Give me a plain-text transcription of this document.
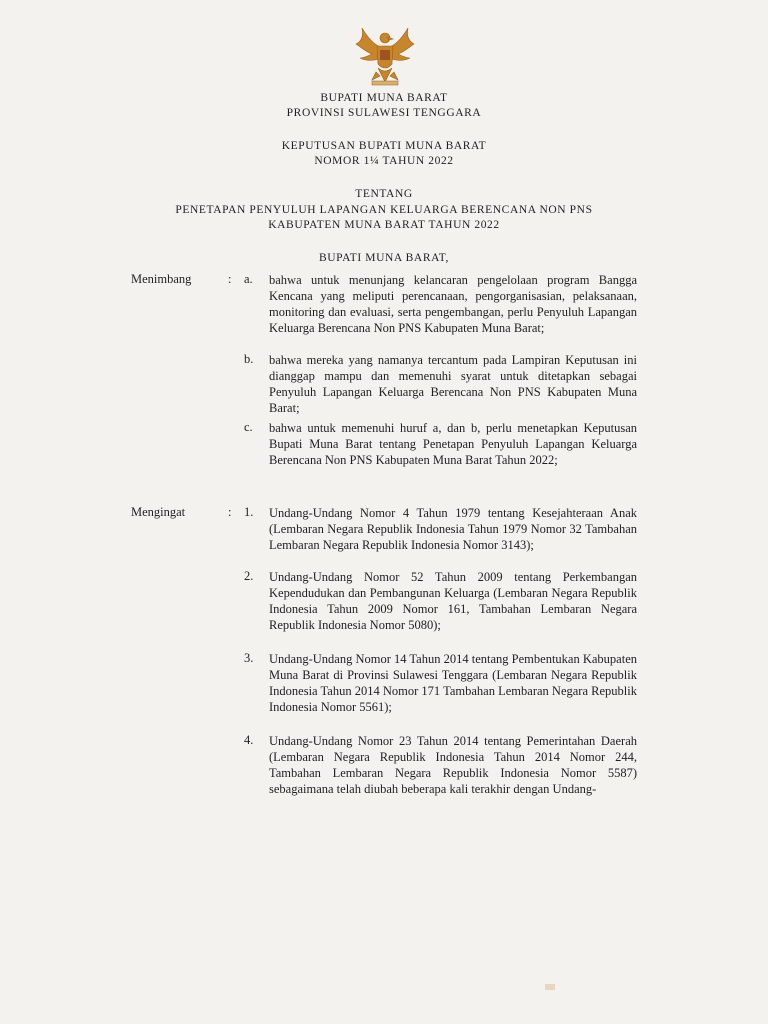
BUPATI MUNA BARAT
PROVINSI SULAWESI TENGGARA
KEPUTUSAN BUPATI MUNA BARAT
NOMOR 1¼ TAHUN 2022
TENTANG
PENETAPAN PENYULUH LAPANGAN KELUARGA BERENCANA NON PNS
KABUPATEN MUNA BARAT TAHUN 2022
BUPATI MUNA BARAT,
Menimbang	: a. bahwa untuk menunjang kelancaran pengelolaan program Bangga Kencana yang meliputi perencanaan, pengorganisasian, pelaksanaan, monitoring dan evaluasi, serta pengembangan, perlu Penyuluh Lapangan Keluarga Berencana Non PNS Kabupaten Muna Barat;
b. bahwa mereka yang namanya tercantum pada Lampiran Keputusan ini dianggap mampu dan memenuhi syarat untuk ditetapkan sebagai Penyuluh Lapangan Keluarga Berencana Non PNS Kabupaten Muna Barat;
c. bahwa untuk memenuhi huruf a, dan b, perlu menetapkan Keputusan Bupati Muna Barat tentang Penetapan Penyuluh Lapangan Keluarga Berencana Non PNS Kabupaten Muna Barat Tahun 2022;
Mengingat	: 1. Undang-Undang Nomor 4 Tahun 1979 tentang Kesejahteraan Anak (Lembaran Negara Republik Indonesia Tahun 1979 Nomor 32 Tambahan Lembaran Negara Republik Indonesia Nomor 3143);
2. Undang-Undang Nomor 52 Tahun 2009 tentang Perkembangan Kependudukan dan Pembangunan Keluarga (Lembaran Negara Republik Indonesia Tahun 2009 Nomor 161, Tambahan Lembaran Negara Republik Indonesia Nomor 5080);
3. Undang-Undang Nomor 14 Tahun 2014 tentang Pembentukan Kabupaten Muna Barat di Provinsi Sulawesi Tenggara (Lembaran Negara Republik Indonesia Tahun 2014 Nomor 171 Tambahan Lembaran Negara Republik Indonesia Nomor 5561);
4. Undang-Undang Nomor 23 Tahun 2014 tentang Pemerintahan Daerah (Lembaran Negara Republik Indonesia Tahun 2014 Nomor 244, Tambahan Lembaran Negara Republik Indonesia Nomor 5587) sebagaimana telah diubah beberapa kali terakhir dengan Undang-
